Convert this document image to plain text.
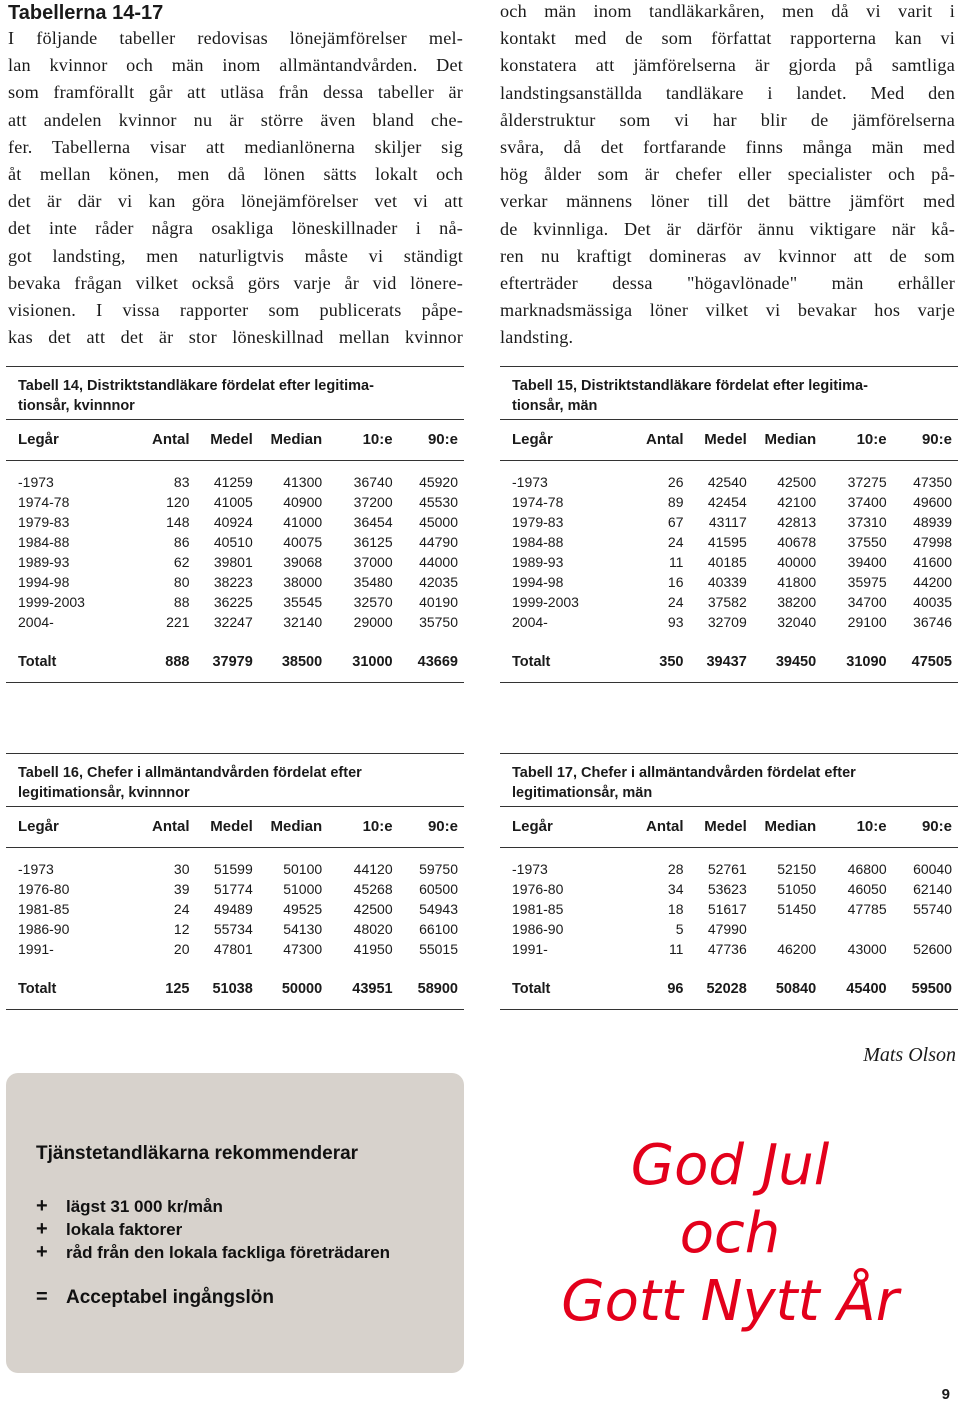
Tabellerna 14-17
I följande tabeller redovisas lönejämförelser mel-
lan kvinnor och män inom allmäntandvården. Det
som framförallt går att utläsa från dessa tabeller är
att andelen kvinnor nu är större även bland che-
fer. Tabellerna visar att medianlönerna skiljer sig
åt mellan könen, men då lönen sätts lokalt och
det är där vi kan göra lönejämförelser vet vi att
det inte råder några osakliga löneskillnader i nå-
got landsting, men naturligtvis måste vi ständigt
bevaka frågan vilket också görs varje år vid lönere-
visionen. I vissa rapporter som publicerats påpe-
kas det att det är stor löneskillnad mellan kvinnor
och män inom tandläkarkåren, men då vi varit i
kontakt med de som författat rapporterna kan vi
konstatera att jämförelserna är gjorda på samtliga
landstingsanställda tandläkare i landet. Med den
ålderstruktur som vi har blir de jämförelserna
svåra, då det fortfarande finns många män med
hög ålder som är chefer eller specialister och på-
verkar männens löner till det bättre jämfört med
de kvinnliga. Det är därför ännu viktigare när kå-
ren nu kraftigt domineras av kvinnor att de som
efterträder dessa "högavlönade" män erhåller
marknadsmässiga löner vilket vi bevakar hos varje
landsting.
Tabell 14, Distriktstandläkare fördelat efter legitima-
tionsår, kvinnnor
Legår	Antal	Medel	Median	10:e	90:e
-1973	83	41259	41300	36740	45920
1974-78	120	41005	40900	37200	45530
1979-83	148	40924	41000	36454	45000
1984-88	86	40510	40075	36125	44790
1989-93	62	39801	39068	37000	44000
1994-98	80	38223	38000	35480	42035
1999-2003	88	36225	35545	32570	40190
2004-	221	32247	32140	29000	35750

Totalt	888	37979	38500	31000	43669
Tabell 15, Distriktstandläkare fördelat efter legitima-
tionsår, män
Legår	Antal	Medel	Median	10:e	90:e
-1973	26	42540	42500	37275	47350
1974-78	89	42454	42100	37400	49600
1979-83	67	43117	42813	37310	48939
1984-88	24	41595	40678	37550	47998
1989-93	11	40185	40000	39400	41600
1994-98	16	40339	41800	35975	44200
1999-2003	24	37582	38200	34700	40035
2004-	93	32709	32040	29100	36746

Totalt	350	39437	39450	31090	47505
Tabell 16, Chefer i allmäntandvården fördelat efter
legitimationsår, kvinnnor
Legår	Antal	Medel	Median	10:e	90:e
-1973	30	51599	50100	44120	59750
1976-80	39	51774	51000	45268	60500
1981-85	24	49489	49525	42500	54943
1986-90	12	55734	54130	48020	66100
1991-	20	47801	47300	41950	55015

Totalt	125	51038	50000	43951	58900
Tabell 17, Chefer i allmäntandvården fördelat efter
legitimationsår, män
Legår	Antal	Medel	Median	10:e	90:e
-1973	28	52761	52150	46800	60040
1976-80	34	53623	51050	46050	62140
1981-85	18	51617	51450	47785	55740
1986-90	5	47990			
1991-	11	47736	46200	43000	52600

Totalt	96	52028	50840	45400	59500
Mats Olson
Tjänstetandläkarna rekommenderar
+ lägst 31 000 kr/mån
+ lokala faktorer
+ råd från den lokala fackliga företrädaren
= Acceptabel ingångslön
God Jul
och
Gott Nytt År
9
